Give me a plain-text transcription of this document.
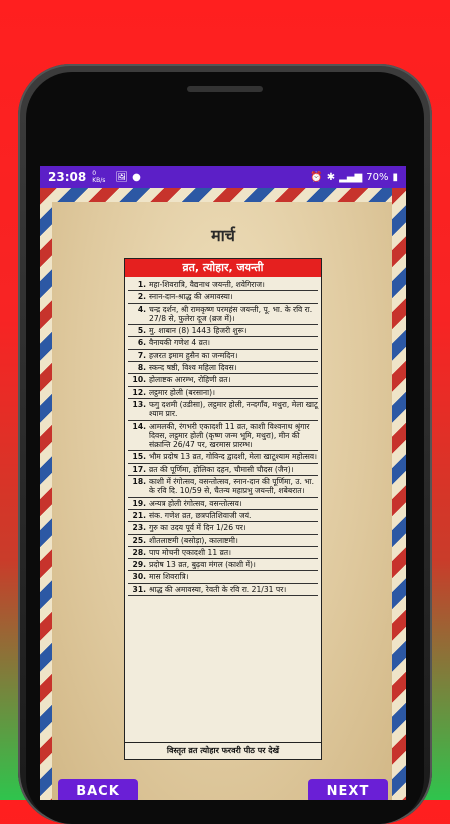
23:08 0
KB/s 🖼 ●	⏰ ✱ ▂▄▆ 70% ▮
मार्च
व्रत, त्योहार, जयन्ती
1. महा-शिवरात्रि, वैद्यनाथ जयन्ती, शवेगिराज।
2. स्नान-दान-श्राद्ध की अमावस्या।
4. चन्द्र दर्शन, श्री रामकृष्ण परमहंस जयन्ती, पू. भा. के रवि रा. 27/8 से, फुलेरा दूज (ब्रज में)।
5. मु. शाबान (8) 1443 हिजरी शुरू।
6. वैनायकी गणेश 4 व्रत।
7. हजरत इमाम हुसैन का जन्मदिन।
8. स्कन्द षष्ठी, विश्व महिला दिवस।
10. होलाष्टक आरम्भ, रोहिणी व्रत।
12. लट्ठमार होली (बरसाना)।
13. फगु दशमी (उडीसा), लट्ठमार होली, नन्दगाँव, मथुरा, मेला खाटू श्याम प्रार.
14. आमलकी, रंगभरी एकादशी 11 व्रत, काशी विश्वनाथ श्रृंगार दिवस, लट्ठमार होली (कृष्ण जन्म भूमि, मथुरा), मीन की संक्रान्ति 26/47 पर, खरमास प्रारम्भ।
15. भौम प्रदोष 13 व्रत, गोविन्द द्वादशी, मेला खाटूश्याम महोत्सव।
17. व्रत की पूर्णिमा, होलिका दहन, चौमासी चौदस (जैन)।
18. काशी में रंगोत्सव, वसन्तोत्सव, स्नान-दान की पूर्णिमा, उ. भा. के रवि दि. 10/59 से, चैतन्य महाप्रभु जयन्ती, शबेबरात।
19. अन्यत्र होली रंगोत्सव, वसन्तोत्सव।
21. संक. गणेश व्रत, छत्रपतिशिवाजी जयं.
23. गुरु का उदय पूर्व में दिन 1/26 पर।
25. शीतलाष्टमी (बसोड़ा), कालाष्टमी।
28. पाप मोचनी एकादशी 11 व्रत।
29. प्रदोष 13 व्रत, बुढ़वा मंगल (काशी में)।
30. मास शिवरात्रि।
31. श्राद्ध की अमावस्या, रेवती के रवि रा. 21/31 पर।
विस्तृत व्रत त्योहार फरवरी पीठ पर देखें
BACK	NEXT
